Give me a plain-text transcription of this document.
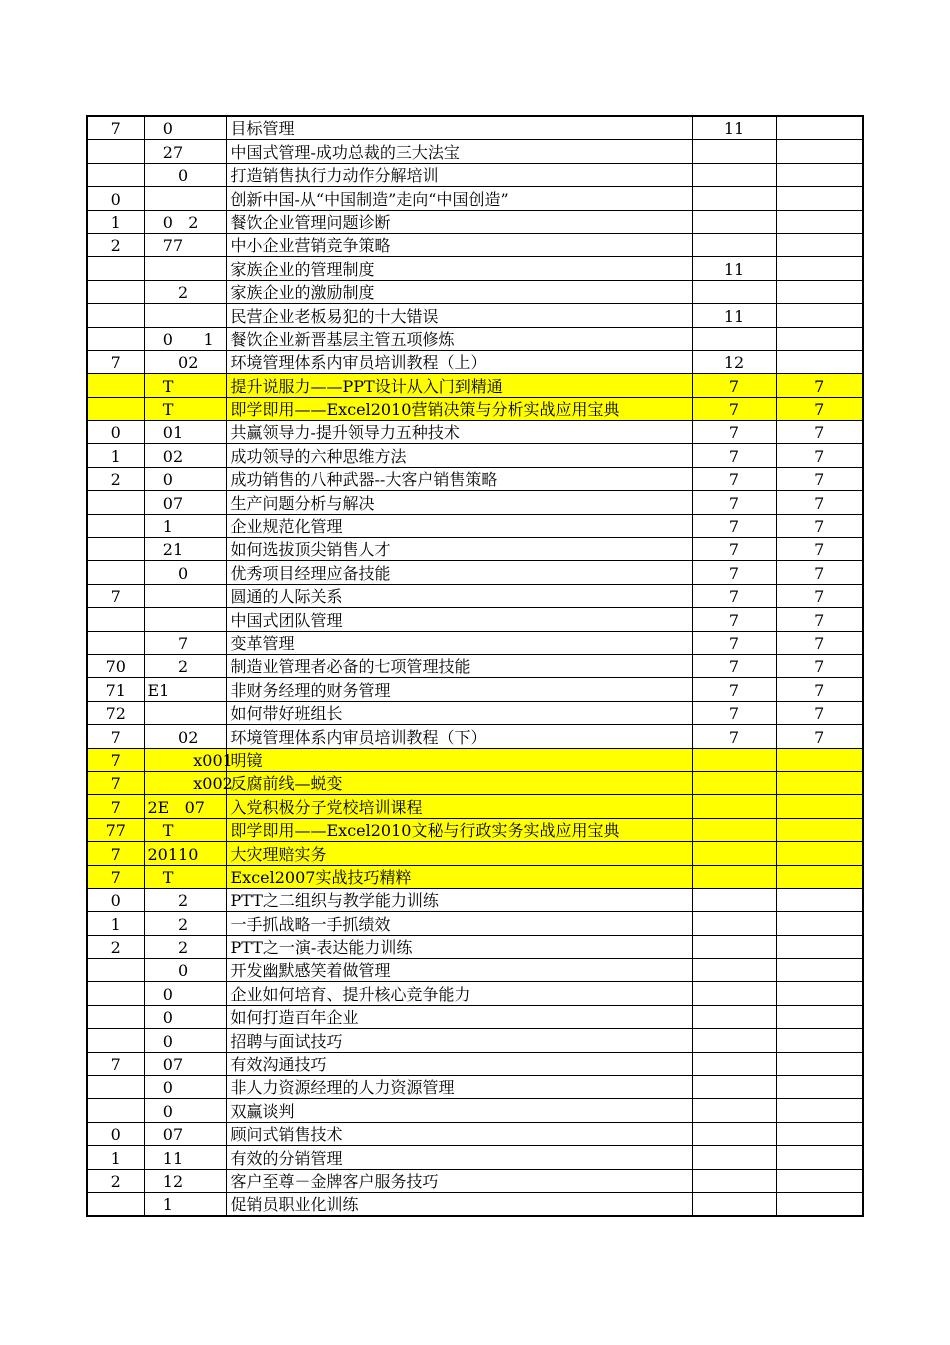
7	0	目标管理	11	
	27	中国式管理-成功总裁的三大法宝		
	0	打造销售执行力动作分解培训		
0		创新中国-从“中国制造”走向“中国创造”		
1	0   2	餐饮企业管理问题诊断		
2	77	中小企业营销竞争策略		
		家族企业的管理制度	11	
	2	家族企业的激励制度		
		民营企业老板易犯的十大错误	11	
	0      1	餐饮企业新晋基层主管五项修炼		
7	02	环境管理体系内审员培训教程（上）	12	
	T	提升说服力——PPT设计从入门到精通	7	7
	T	即学即用——Excel2010营销决策与分析实战应用宝典	7	7
0	01	共赢领导力-提升领导力五种技术	7	7
1	02	成功领导的六种思维方法	7	7
2	0	成功销售的八种武器--大客户销售策略	7	7
	07	生产问题分析与解决	7	7
	1	企业规范化管理	7	7
	21	如何选拔顶尖销售人才	7	7
	0	优秀项目经理应备技能	7	7
7		圆通的人际关系	7	7
		中国式团队管理	7	7
	7	变革管理	7	7
70	2	制造业管理者必备的七项管理技能	7	7
71	E1	非财务经理的财务管理	7	7
72		如何带好班组长	7	7
7	02	环境管理体系内审员培训教程（下）	7	7
7	x001	明镜		
7	x002	反腐前线—蜕变		
7	2E   07	入党积极分子党校培训课程		
77	T	即学即用——Excel2010文秘与行政实务实战应用宝典		
7	20110	大灾理赔实务		
7	T	Excel2007实战技巧精粹		
0	2	PTT之二组织与教学能力训练		
1	2	一手抓战略一手抓绩效		
2	2	PTT之一演-表达能力训练		
	0	开发幽默感笑着做管理		
	0	企业如何培育、提升核心竞争能力		
	0	如何打造百年企业		
	0	招聘与面试技巧		
7	07	有效沟通技巧		
	0	非人力资源经理的人力资源管理		
	0	双赢谈判		
0	07	顾问式销售技术		
1	11	有效的分销管理		
2	12	客户至尊－金牌客户服务技巧		
	1	促销员职业化训练		
